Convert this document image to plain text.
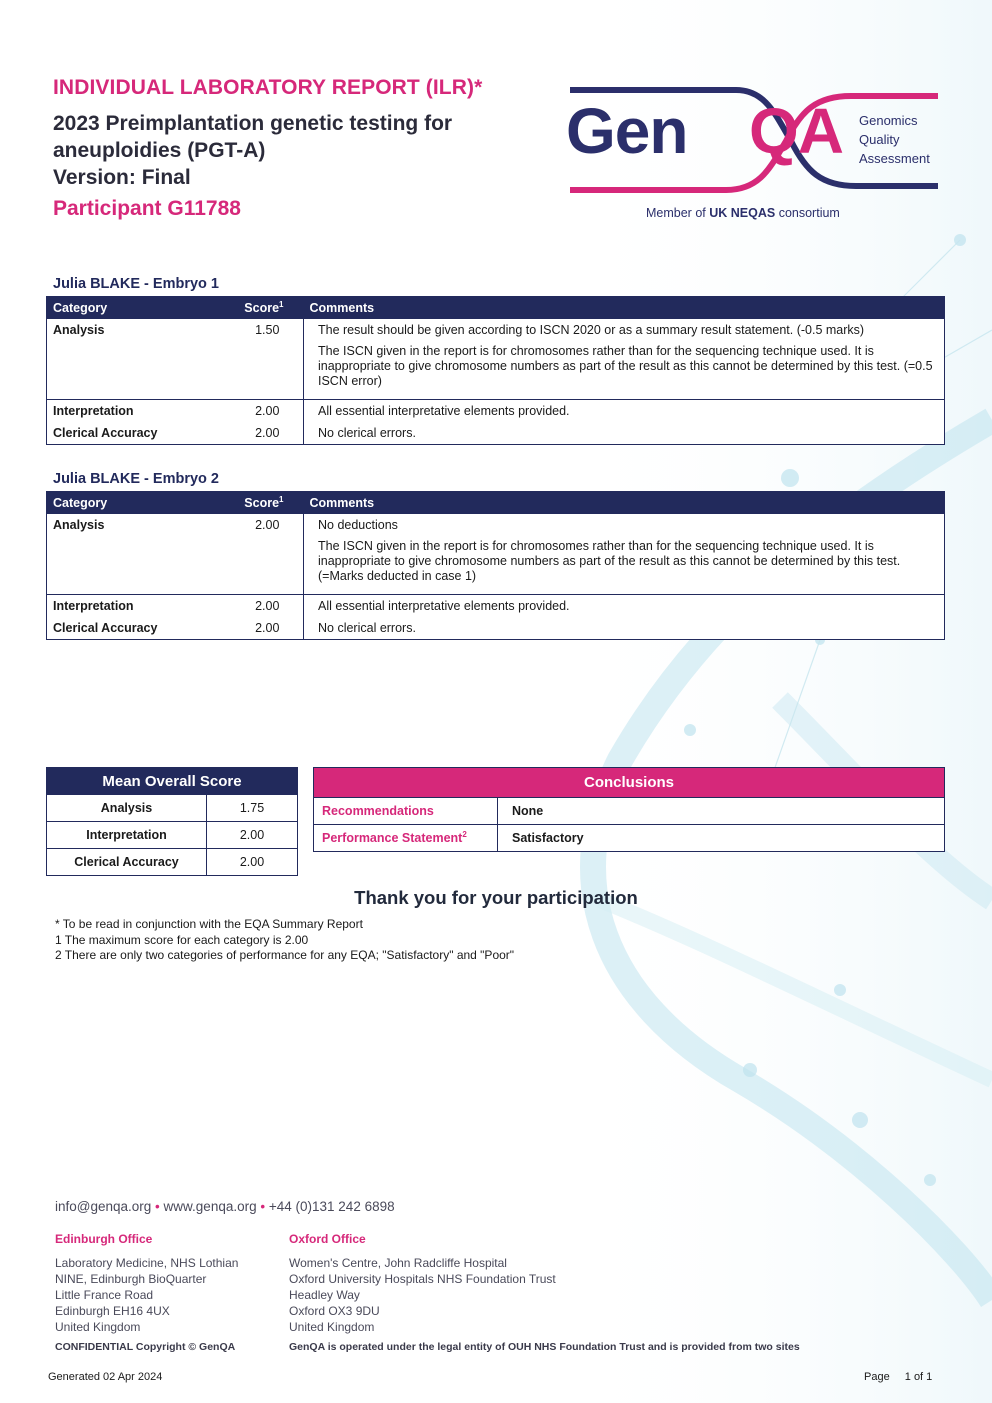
INDIVIDUAL LABORATORY REPORT (ILR)*
2023 Preimplantation genetic testing for aneuploidies (PGT-A)
Version: Final
Participant G11788
Gen QA Genomics
Quality
Assessment
Member of UK NEQAS consortium
Julia BLAKE - Embryo 1
Category	Score$^1$	Comments
Analysis	1.50	The result should be given according to ISCN 2020 or as a summary result statement. (-0.5 marks)

The ISCN given in the report is for chromosomes rather than for the sequencing technique used. It is inappropriate to give chromosome numbers as part of the result as this cannot be determined by this test. (=0.5 ISCN error)

Interpretation	2.00	All essential interpretative elements provided.
Clerical Accuracy	2.00	No clerical errors.
Julia BLAKE - Embryo 2
Category	Score$^1$	Comments
Analysis	2.00	No deductions

The ISCN given in the report is for chromosomes rather than for the sequencing technique used. It is inappropriate to give chromosome numbers as part of the result as this cannot be determined by this test. (=Marks deducted in case 1)

Interpretation	2.00	All essential interpretative elements provided.
Clerical Accuracy	2.00	No clerical errors.
Mean Overall Score	
Analysis	1.75
Interpretation	2.00
Clerical Accuracy	2.00
Conclusions	
Recommendations	None
Performance Statement$^2$	Satisfactory
Thank you for your participation
* To be read in conjunction with the EQA Summary Report
1 The maximum score for each category is 2.00
2 There are only two categories of performance for any EQA; "Satisfactory" and "Poor"
info@genqa.org • www.genqa.org • +44 (0)131 242 6898
Edinburgh Office
Laboratory Medicine, NHS Lothian
NINE, Edinburgh BioQuarter
Little France Road
Edinburgh EH16 4UX
United Kingdom
Oxford Office
Women's Centre, John Radcliffe Hospital
Oxford University Hospitals NHS Foundation Trust
Headley Way
Oxford OX3 9DU
United Kingdom
CONFIDENTIAL Copyright © GenQA	GenQA is operated under the legal entity of OUH NHS Foundation Trust and is provided from two sites
Generated 02 Apr 2024	Page 1 of 1
